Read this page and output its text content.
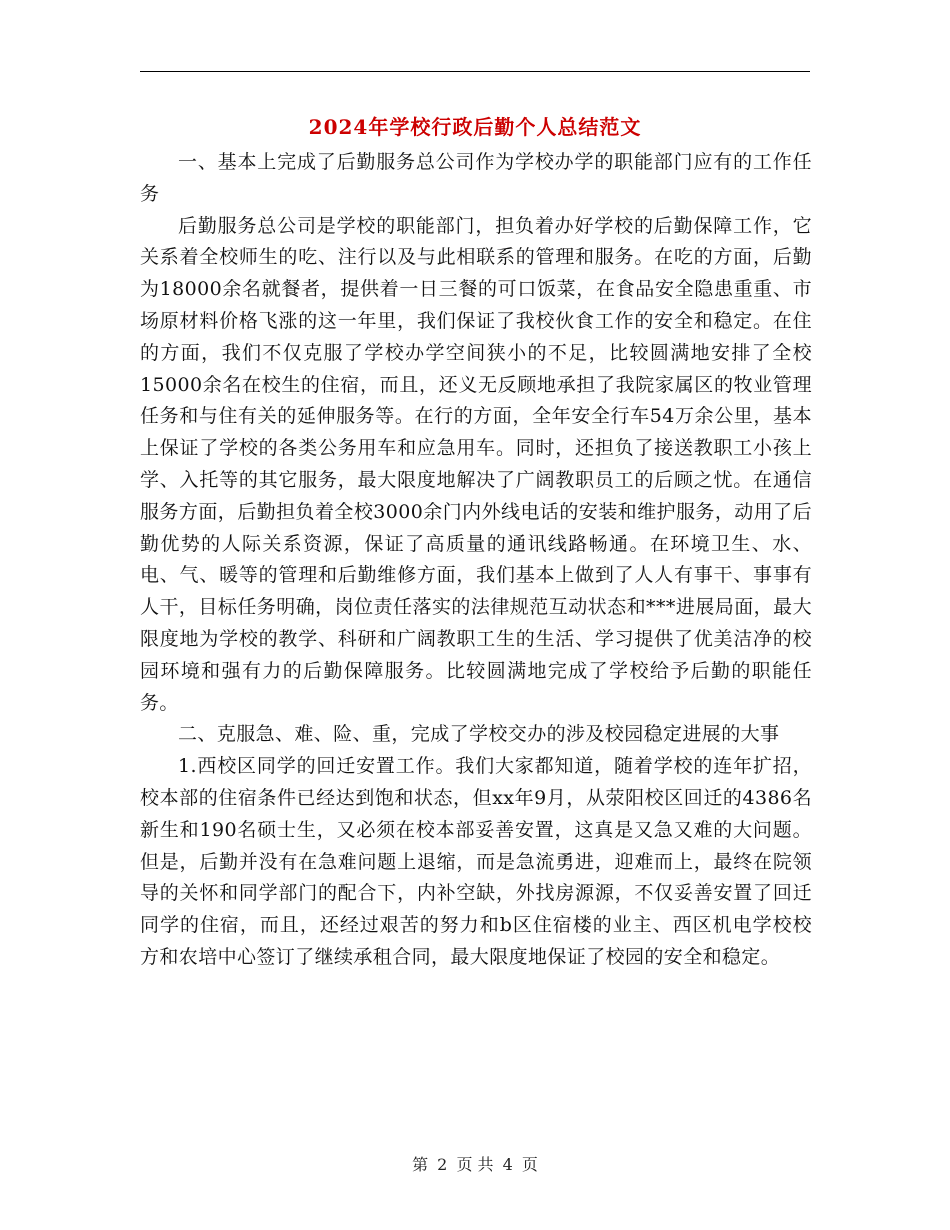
2024年学校行政后勤个人总结范文

一、基本上完成了后勤服务总公司作为学校办学的职能部门应有的工作任务

后勤服务总公司是学校的职能部门，担负着办好学校的后勤保障工作，它关系着全校师生的吃、注行以及与此相联系的管理和服务。在吃的方面，后勤为18000余名就餐者，提供着一日三餐的可口饭菜，在食品安全隐患重重、市场原材料价格飞涨的这一年里，我们保证了我校伙食工作的安全和稳定。在住的方面，我们不仅克服了学校办学空间狭小的不足，比较圆满地安排了全校15000余名在校生的住宿，而且，还义无反顾地承担了我院家属区的牧业管理任务和与住有关的延伸服务等。在行的方面，全年安全行车54万余公里，基本上保证了学校的各类公务用车和应急用车。同时，还担负了接送教职工小孩上学、入托等的其它服务，最大限度地解决了广阔教职员工的后顾之忧。在通信服务方面，后勤担负着全校3000余门内外线电话的安装和维护服务，动用了后勤优势的人际关系资源，保证了高质量的通讯线路畅通。在环境卫生、水、电、气、暖等的管理和后勤维修方面，我们基本上做到了人人有事干、事事有人干，目标任务明确，岗位责任落实的法律规范互动状态和***进展局面，最大限度地为学校的教学、科研和广阔教职工生的生活、学习提供了优美洁净的校园环境和强有力的后勤保障服务。比较圆满地完成了学校给予后勤的职能任务。

二、克服急、难、险、重，完成了学校交办的涉及校园稳定进展的大事

1.西校区同学的回迁安置工作。我们大家都知道，随着学校的连年扩招，校本部的住宿条件已经达到饱和状态，但xx年9月，从荥阳校区回迁的4386名新生和190名硕士生，又必须在校本部妥善安置，这真是又急又难的大问题。但是，后勤并没有在急难问题上退缩，而是急流勇进，迎难而上，最终在院领导的关怀和同学部门的配合下，内补空缺，外找房源源，不仅妥善安置了回迁同学的住宿，而且，还经过艰苦的努力和b区住宿楼的业主、西区机电学校校方和农培中心签订了继续承租合同，最大限度地保证了校园的安全和稳定。

第 2 页 共 4 页
